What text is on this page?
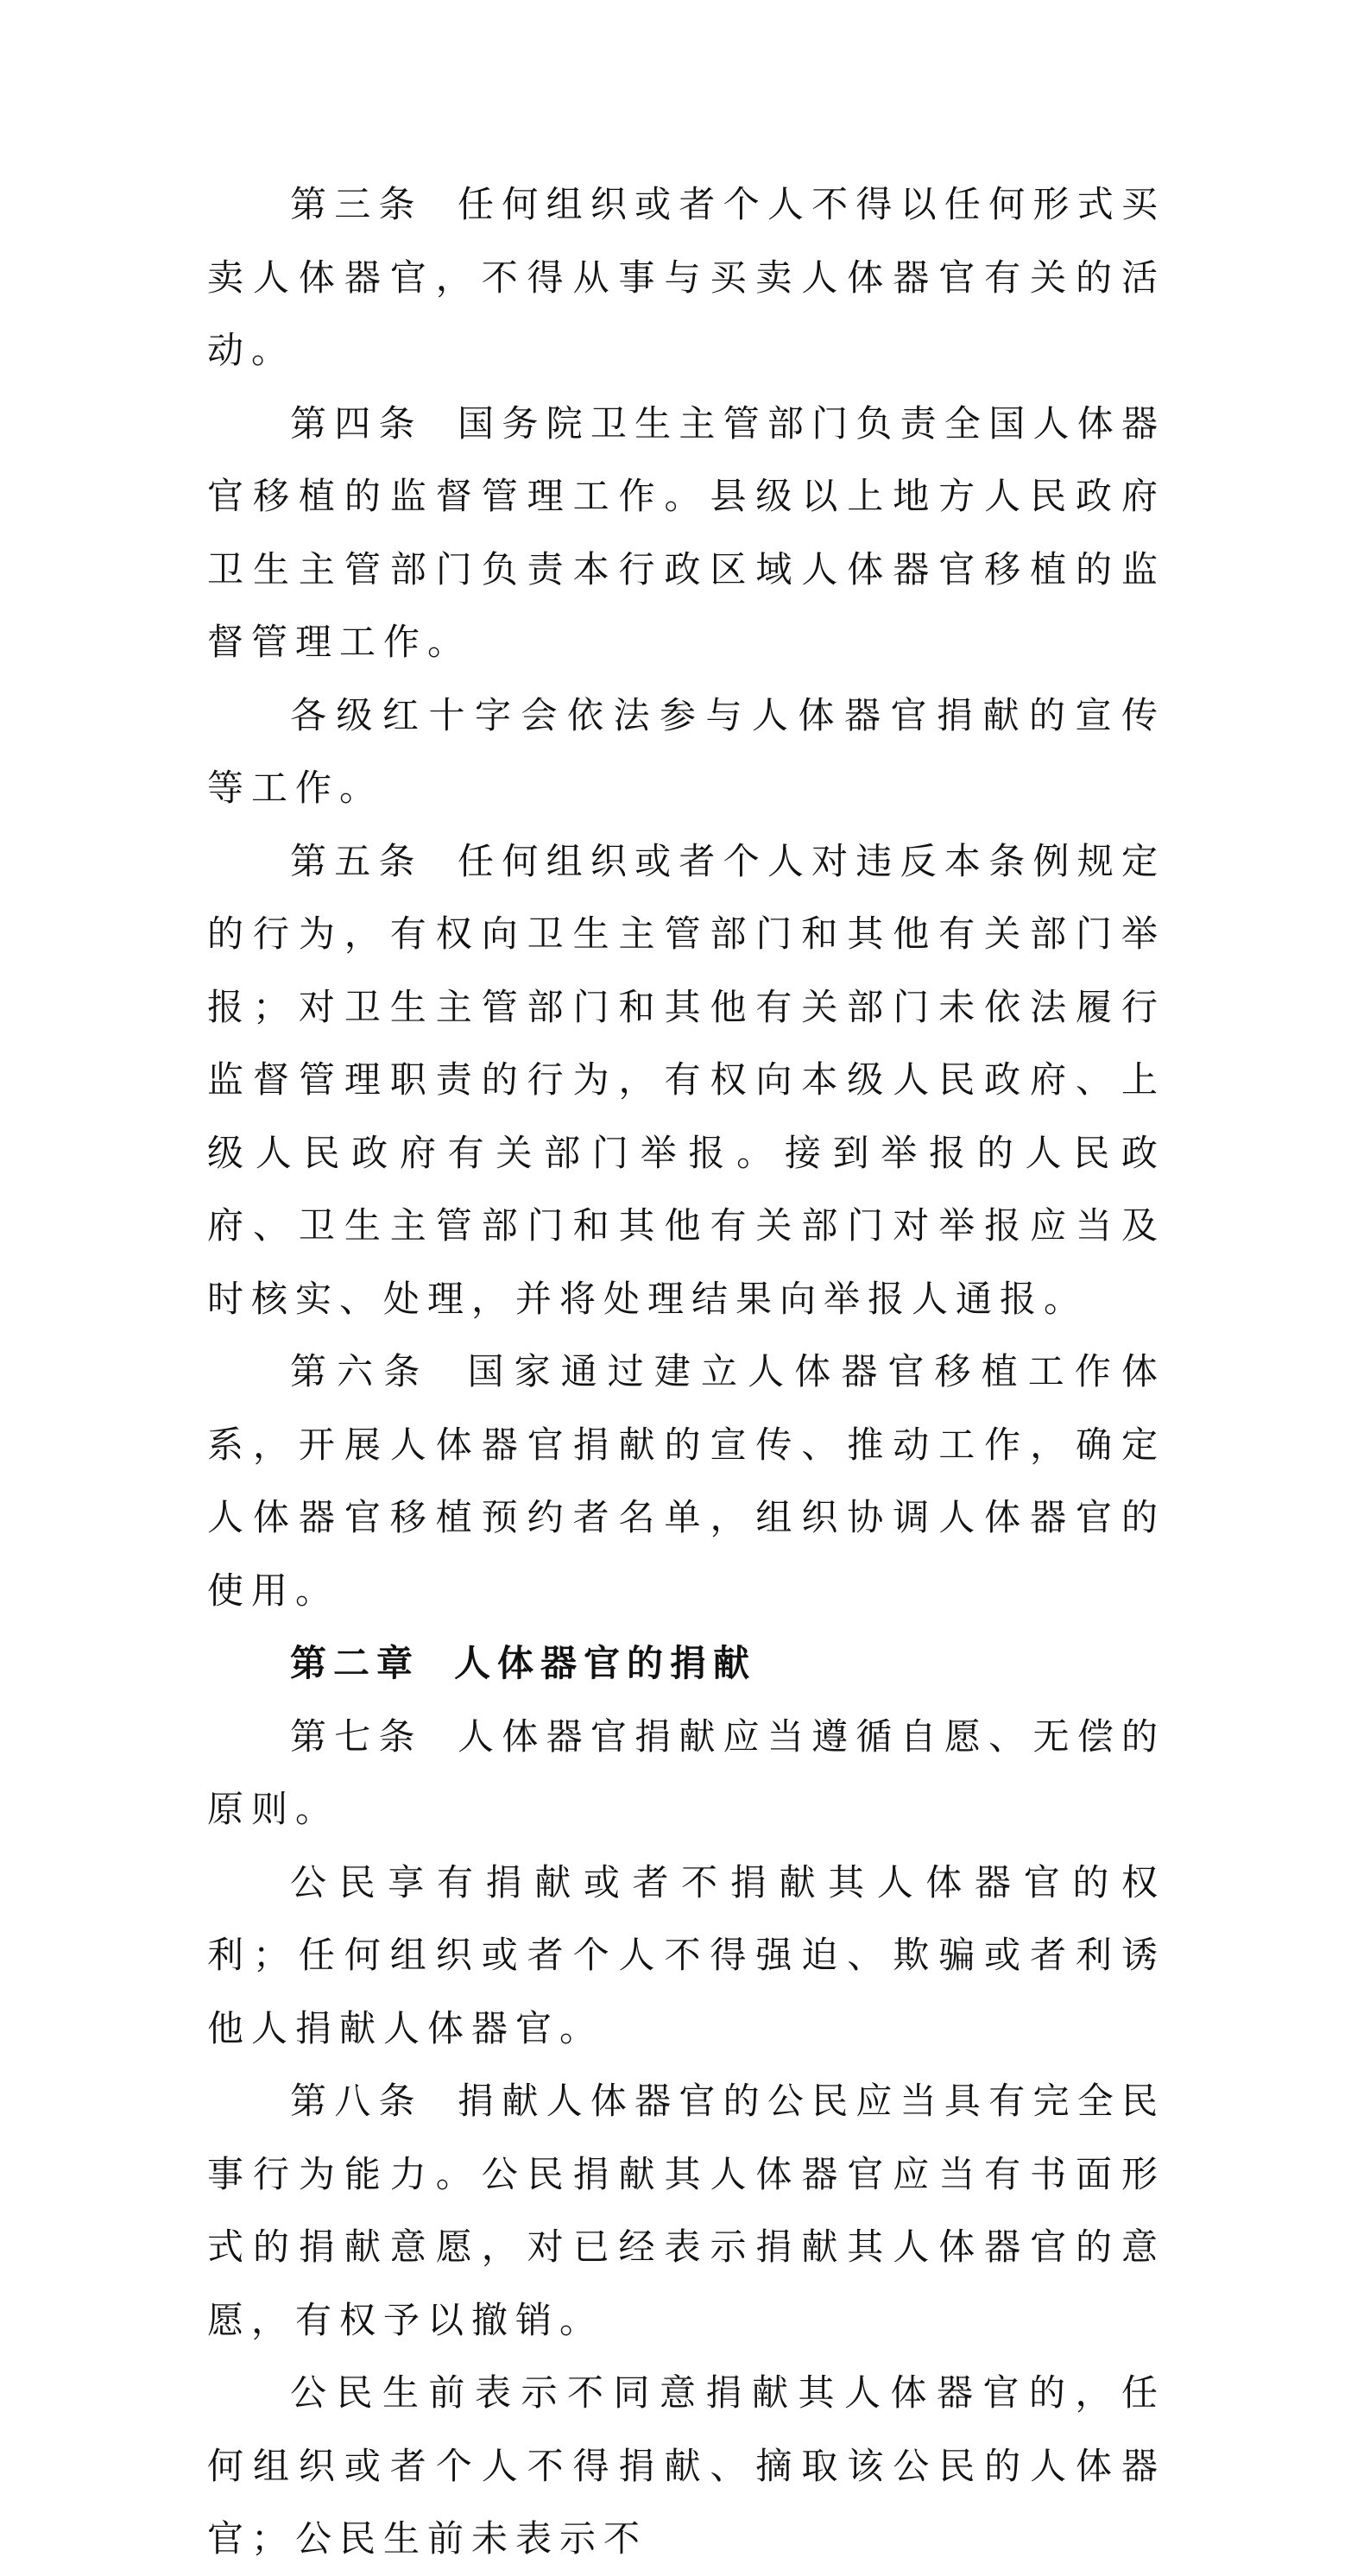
第三条 任何组织或者个人不得以任何形式买卖人体器官，不得从事与买卖人体器官有关的活动。

第四条 国务院卫生主管部门负责全国人体器官移植的监督管理工作。县级以上地方人民政府卫生主管部门负责本行政区域人体器官移植的监督管理工作。

各级红十字会依法参与人体器官捐献的宣传等工作。

第五条 任何组织或者个人对违反本条例规定的行为，有权向卫生主管部门和其他有关部门举报；对卫生主管部门和其他有关部门未依法履行监督管理职责的行为，有权向本级人民政府、上级人民政府有关部门举报。接到举报的人民政府、卫生主管部门和其他有关部门对举报应当及时核实、处理，并将处理结果向举报人通报。

第六条 国家通过建立人体器官移植工作体系，开展人体器官捐献的宣传、推动工作，确定人体器官移植预约者名单，组织协调人体器官的使用。

第二章 人体器官的捐献

第七条 人体器官捐献应当遵循自愿、无偿的原则。

公民享有捐献或者不捐献其人体器官的权利；任何组织或者个人不得强迫、欺骗或者利诱他人捐献人体器官。

第八条 捐献人体器官的公民应当具有完全民事行为能力。公民捐献其人体器官应当有书面形式的捐献意愿，对已经表示捐献其人体器官的意愿，有权予以撤销。

公民生前表示不同意捐献其人体器官的，任何组织或者个人不得捐献、摘取该公民的人体器官；公民生前未表示不
